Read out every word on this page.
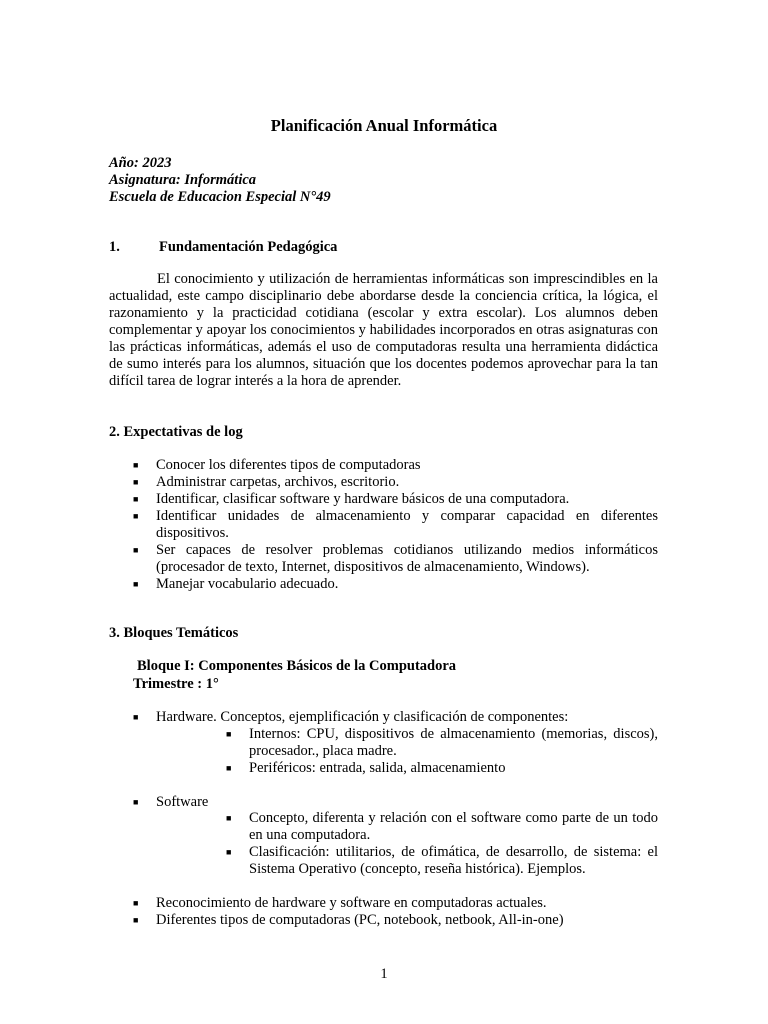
Planificación Anual Informática
Año: 2023
Asignatura: Informática
Escuela de Educacion Especial N°49
1.	Fundamentación Pedagógica
El conocimiento y utilización de herramientas informáticas son imprescindibles en la actualidad, este campo disciplinario debe abordarse desde la conciencia crítica, la lógica, el razonamiento y la practicidad cotidiana (escolar y extra escolar). Los alumnos deben complementar y apoyar los conocimientos y habilidades incorporados en otras asignaturas con las prácticas informáticas, además el uso de computadoras resulta una herramienta didáctica de sumo interés para los alumnos, situación que los docentes podemos aprovechar para la tan difícil tarea de lograr interés a la hora de aprender.
2. Expectativas de log
■ Conocer los diferentes tipos de computadoras
■ Administrar carpetas, archivos, escritorio.
■ Identificar, clasificar software y hardware básicos de una computadora.
■ Identificar unidades de almacenamiento y comparar capacidad en diferentes dispositivos.
■ Ser capaces de resolver problemas cotidianos utilizando medios informáticos (procesador de texto, Internet, dispositivos de almacenamiento, Windows).
■ Manejar vocabulario adecuado.
3. Bloques Temáticos
Bloque I: Componentes Básicos de la Computadora
Trimestre : 1°
■ Hardware. Conceptos, ejemplificación y clasificación de componentes:
■ Internos: CPU, dispositivos de almacenamiento (memorias, discos), procesador., placa madre.
■ Periféricos: entrada, salida, almacenamiento
■ Software
■ Concepto, diferenta y relación con el software como parte de un todo en una computadora.
■ Clasificación: utilitarios, de ofimática, de desarrollo, de sistema: el Sistema Operativo (concepto, reseña histórica). Ejemplos.
■ Reconocimiento de hardware y software en computadoras actuales.
■ Diferentes tipos de computadoras (PC, notebook, netbook, All-in-one)
1
